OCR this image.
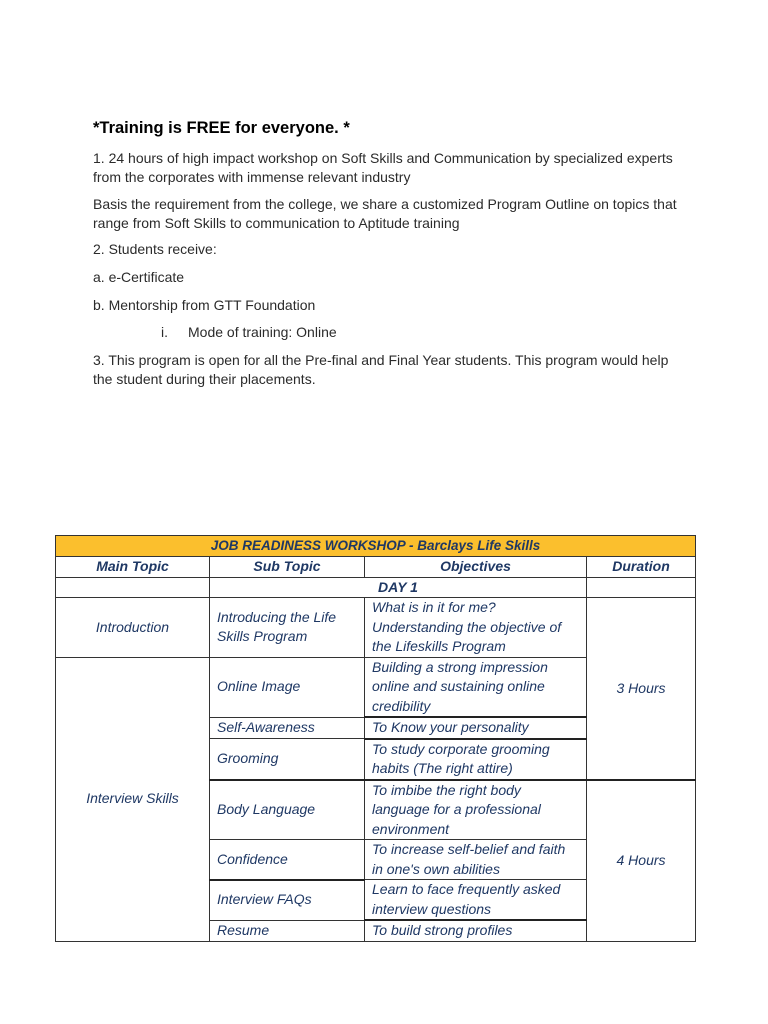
*Training is FREE for everyone. *
1. 24 hours of high impact workshop on Soft Skills and Communication by specialized experts from the corporates with immense relevant industry
Basis the requirement from the college, we share a customized Program Outline on topics that range from Soft Skills to communication to Aptitude training
2. Students receive:
a. e-Certificate
b. Mentorship from GTT Foundation
i. Mode of training: Online
3. This program is open for all the Pre-final and Final Year students. This program would help the student during their placements.
JOB READINESS WORKSHOP - Barclays Life Skills			
Main Topic	Sub Topic	Objectives	Duration
	DAY 1		
Introduction	Introducing the Life Skills Program	What is in it for me? Understanding the objective of the Lifeskills Program	3 Hours
Interview Skills	Online Image	Building a strong impression online and sustaining online credibility	
	Self-Awareness	To Know your personality	
	Grooming	To study corporate grooming habits (The right attire)	
	Body Language	To imbibe the right body language for a professional environment	4 Hours
	Confidence	To increase self-belief and faith in one's own abilities	
	Interview FAQs	Learn to face frequently asked interview questions	
	Resume	To build strong profiles	
